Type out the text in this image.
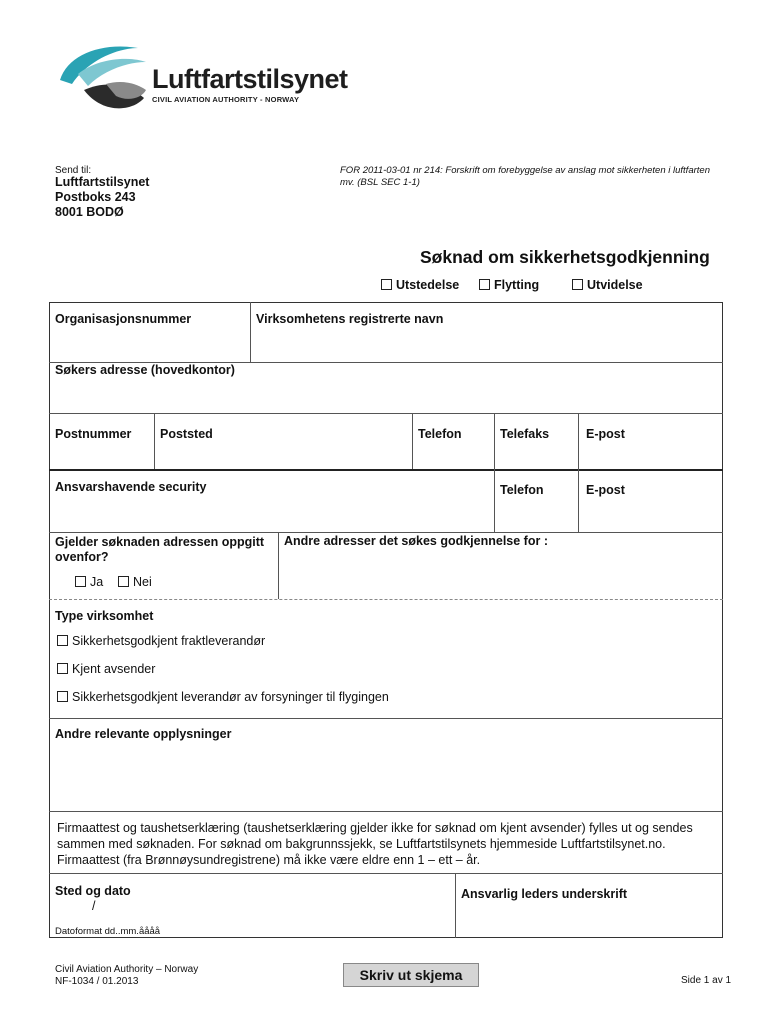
Luftfartstilsynet
CIVIL AVIATION AUTHORITY - NORWAY
Send til:
Luftfartstilsynet
Postboks 243
8001 BODØ
FOR 2011-03-01 nr 214: Forskrift om forebyggelse av anslag mot sikkerheten i luftfarten mv. (BSL SEC 1-1)
Søknad om sikkerhetsgodkjenning
Utstedelse	Flytting	Utvidelse
Organisasjonsnummer	Virksomhetens registrerte navn
Søkers adresse (hovedkontor)
Postnummer Poststed	Telefon	Telefaks	E-post
Ansvarshavende security	Telefon	E-post
Gjelder søknaden adressen oppgitt ovenfor?
Andre adresser det søkes godkjennelse for :
Ja	Nei
Type virksomhet
Sikkerhetsgodkjent fraktleverandør
Kjent avsender
Sikkerhetsgodkjent leverandør av forsyninger til flygingen
Andre relevante opplysninger
Firmaattest og taushetserklæring (taushetserklæring gjelder ikke for søknad om kjent avsender) fylles ut og sendes sammen med søknaden. For søknad om bakgrunnssjekk, se Luftfartstilsynets hjemmeside Luftfartstilsynet.no. Firmaattest (fra Brønnøysundregistrene) må ikke være eldre enn 1 – ett – år.
Sted og dato
/
Ansvarlig leders underskrift
Datoformat dd..mm.åååå
Civil Aviation Authority – Norway
NF-1034 / 01.2013	Skriv ut skjema	Side 1 av 1
